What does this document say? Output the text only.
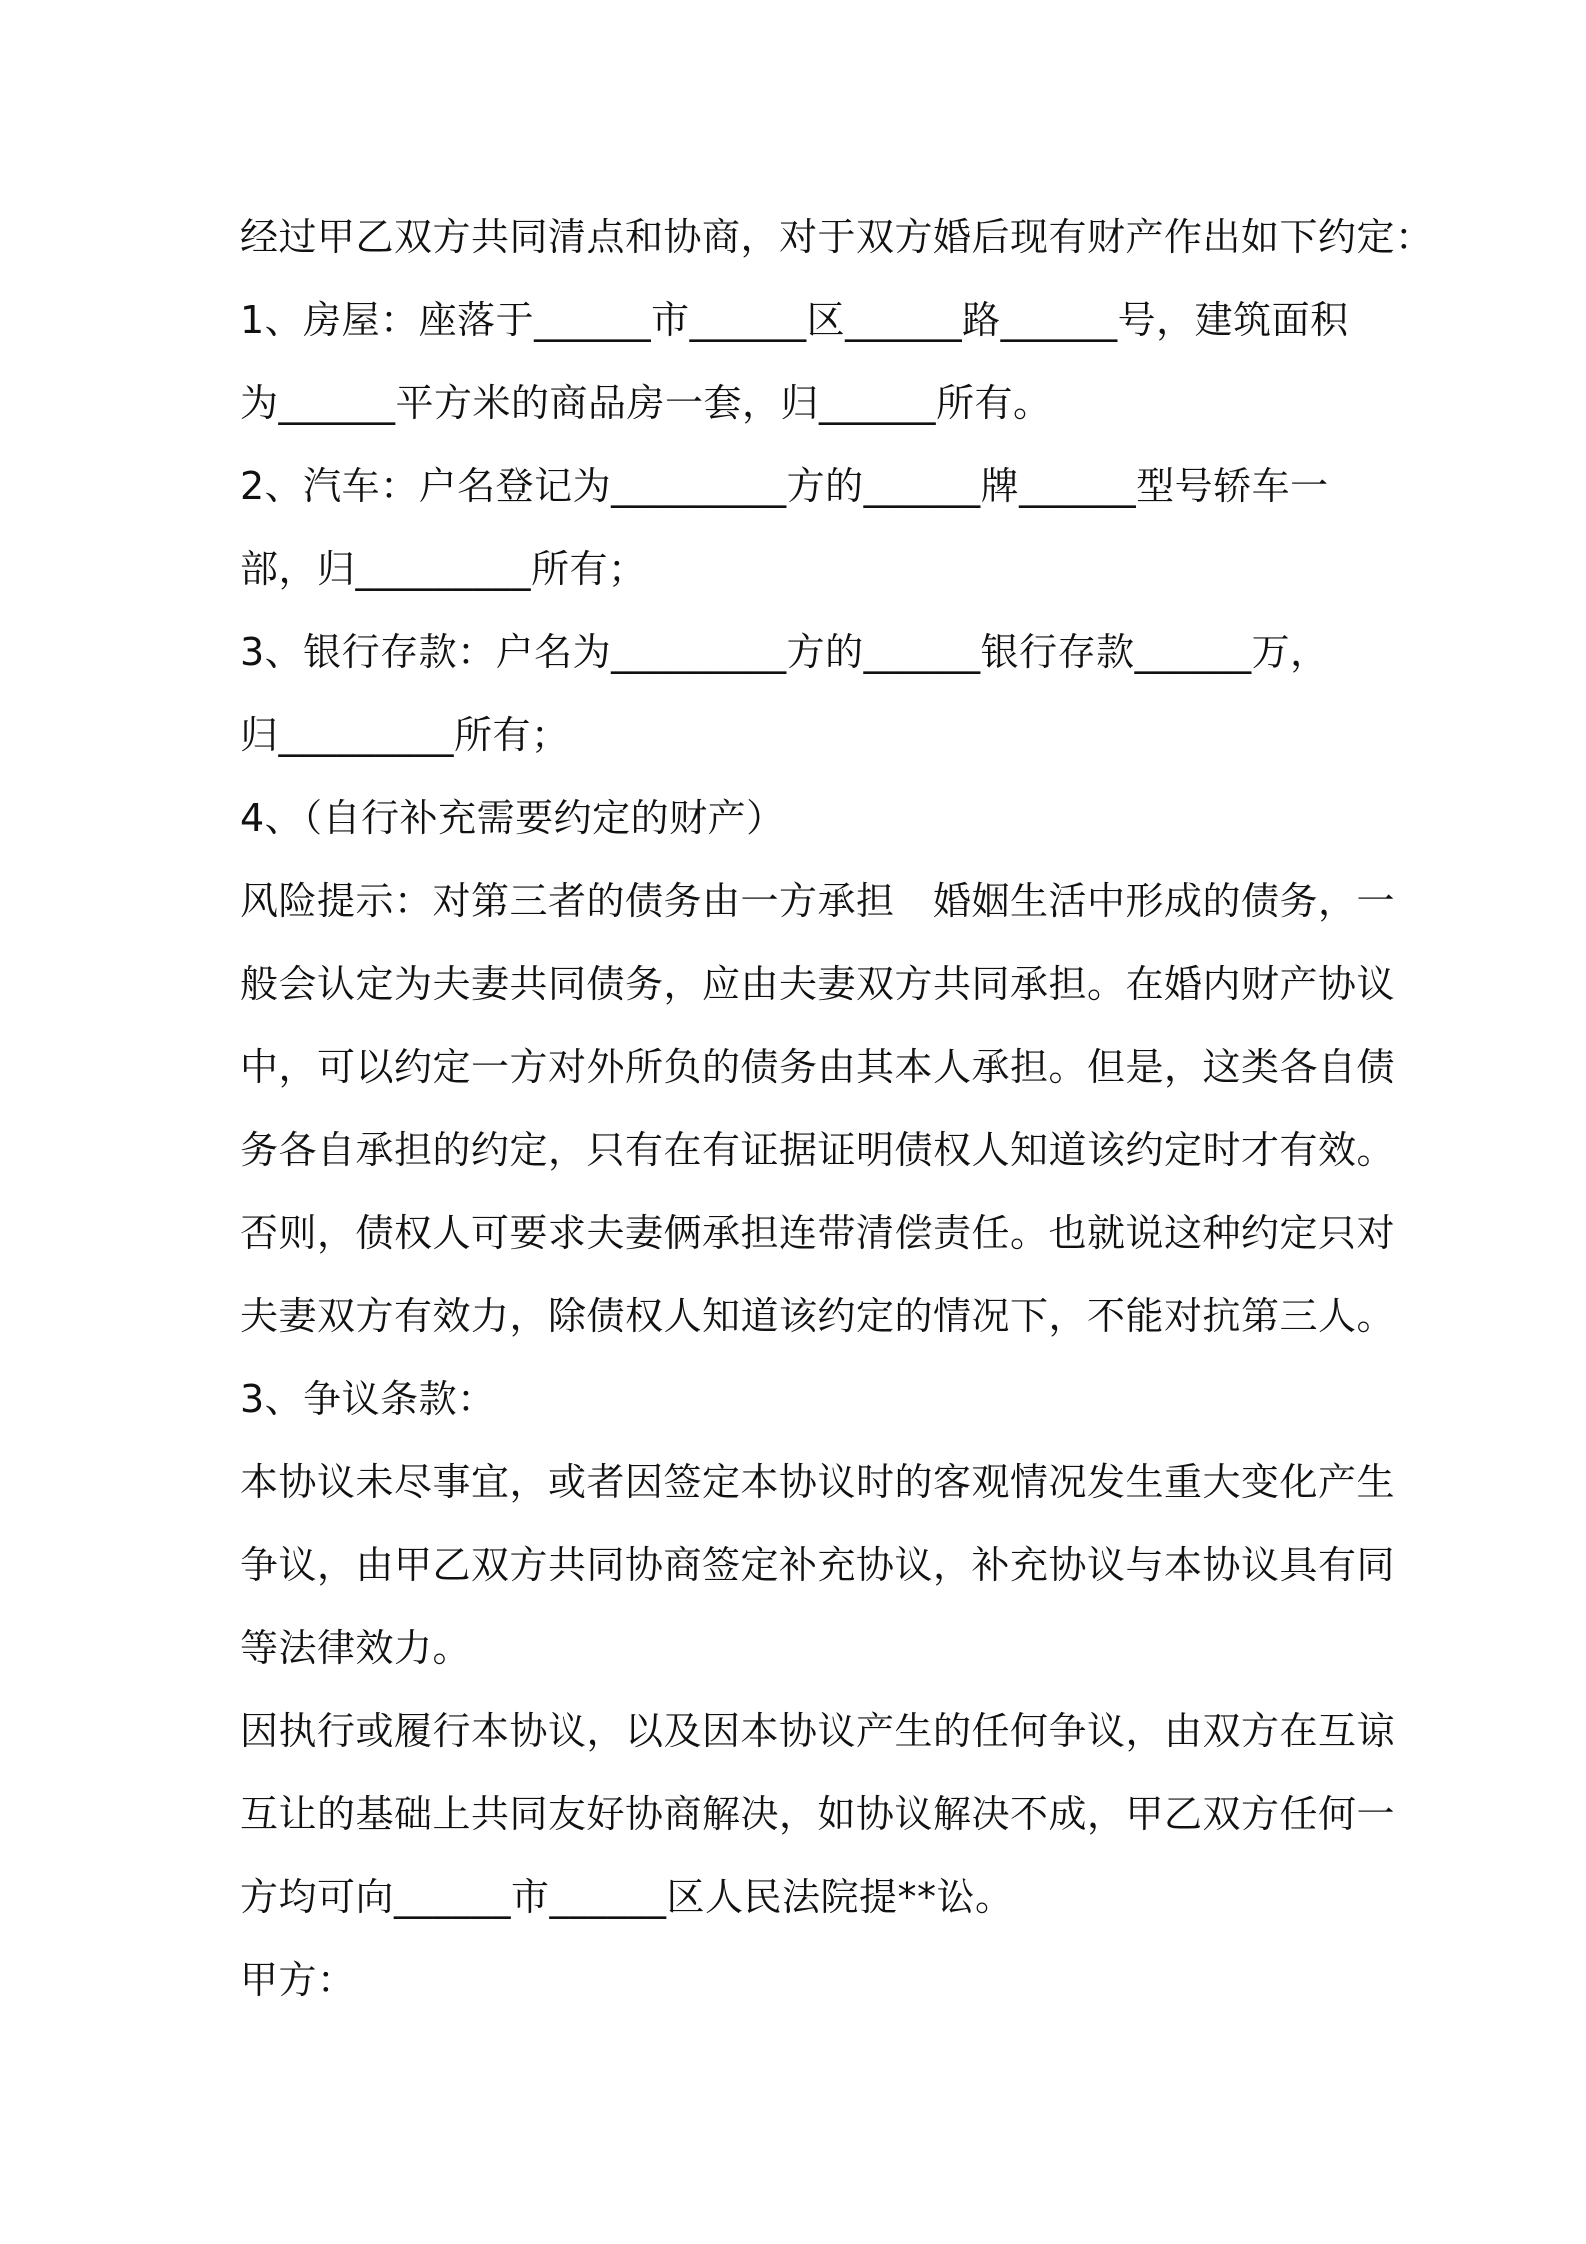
经过甲乙双方共同清点和协商，对于双方婚后现有财产作出如下约定：
1、房屋：座落于______市______区______路______号，建筑面积
为______平方米的商品房一套，归______所有。
2、汽车：户名登记为_________方的______牌______型号轿车一
部，归_________所有；
3、银行存款：户名为_________方的______银行存款______万，
归_________所有；
4、（自行补充需要约定的财产）
风险提示：对第三者的债务由一方承担　婚姻生活中形成的债务，一
般会认定为夫妻共同债务，应由夫妻双方共同承担。在婚内财产协议
中，可以约定一方对外所负的债务由其本人承担。但是，这类各自债
务各自承担的约定，只有在有证据证明债权人知道该约定时才有效。
否则，债权人可要求夫妻俩承担连带清偿责任。也就说这种约定只对
夫妻双方有效力，除债权人知道该约定的情况下，不能对抗第三人。
3、争议条款：
本协议未尽事宜，或者因签定本协议时的客观情况发生重大变化产生
争议，由甲乙双方共同协商签定补充协议，补充协议与本协议具有同
等法律效力。
因执行或履行本协议，以及因本协议产生的任何争议，由双方在互谅
互让的基础上共同友好协商解决，如协议解决不成，甲乙双方任何一
方均可向______市______区人民法院提**讼。
甲方：
